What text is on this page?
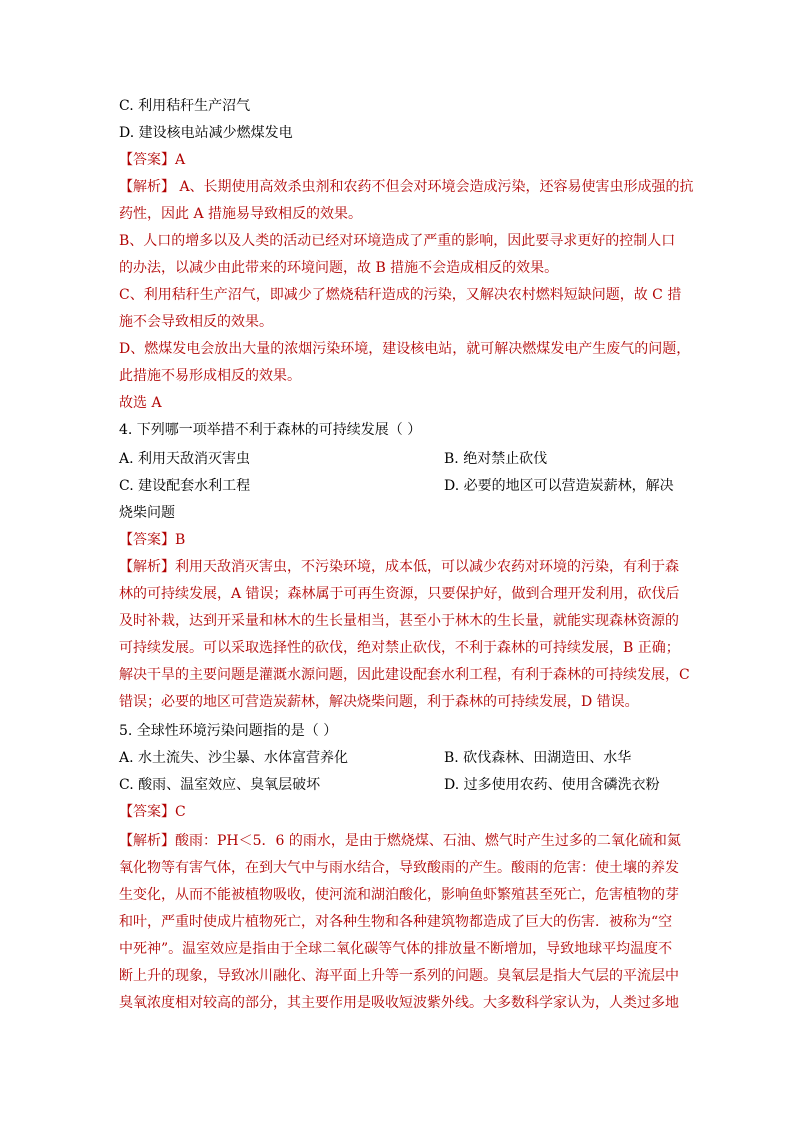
C. 利用秸秆生产沼气
D. 建设核电站减少燃煤发电
【答案】A
【解析】 A、长期使用高效杀虫剂和农药不但会对环境会造成污染，还容易使害虫形成强的抗
药性，因此 A 措施易导致相反的效果。
B、人口的增多以及人类的活动已经对环境造成了严重的影响，因此要寻求更好的控制人口
的办法，以减少由此带来的环境问题，故 B 措施不会造成相反的效果。
C、利用秸秆生产沼气，即减少了燃烧秸秆造成的污染，又解决农村燃料短缺问题，故 C 措
施不会导致相反的效果。
D、燃煤发电会放出大量的浓烟污染环境，建设核电站，就可解决燃煤发电产生废气的问题，
此措施不易形成相反的效果。
故选 A
4. 下列哪一项举措不利于森林的可持续发展（ ）
A. 利用天敌消灭害虫	B. 绝对禁止砍伐
C. 建设配套水利工程	D. 必要的地区可以营造炭薪林，解决
烧柴问题
【答案】B
【解析】利用天敌消灭害虫，不污染环境，成本低，可以减少农药对环境的污染，有利于森
林的可持续发展，A 错误；森林属于可再生资源，只要保护好，做到合理开发利用，砍伐后
及时补栽，达到开采量和林木的生长量相当，甚至小于林木的生长量，就能实现森林资源的
可持续发展。可以采取选择性的砍伐，绝对禁止砍伐，不利于森林的可持续发展，B 正确；
解决干旱的主要问题是灌溉水源问题，因此建设配套水利工程，有利于森林的可持续发展，C
错误；必要的地区可营造炭薪林，解决烧柴问题，利于森林的可持续发展，D 错误。
5. 全球性环境污染问题指的是（ ）
A. 水土流失、沙尘暴、水体富营养化	B. 砍伐森林、田湖造田、水华
C. 酸雨、温室效应、臭氧层破坏	D. 过多使用农药、使用含磷洗衣粉
【答案】C
【解析】酸雨：PH＜5．6 的雨水，是由于燃烧煤、石油、燃气时产生过多的二氧化硫和氮
氧化物等有害气体，在到大气中与雨水结合，导致酸雨的产生。酸雨的危害：使土壤的养发
生变化，从而不能被植物吸收，使河流和湖泊酸化，影响鱼虾繁殖甚至死亡，危害植物的芽
和叶，严重时使成片植物死亡，对各种生物和各种建筑物都造成了巨大的伤害．被称为“空
中死神”。温室效应是指由于全球二氧化碳等气体的排放量不断增加，导致地球平均温度不
断上升的现象，导致冰川融化、海平面上升等一系列的问题。臭氧层是指大气层的平流层中
臭氧浓度相对较高的部分，其主要作用是吸收短波紫外线。大多数科学家认为，人类过多地
